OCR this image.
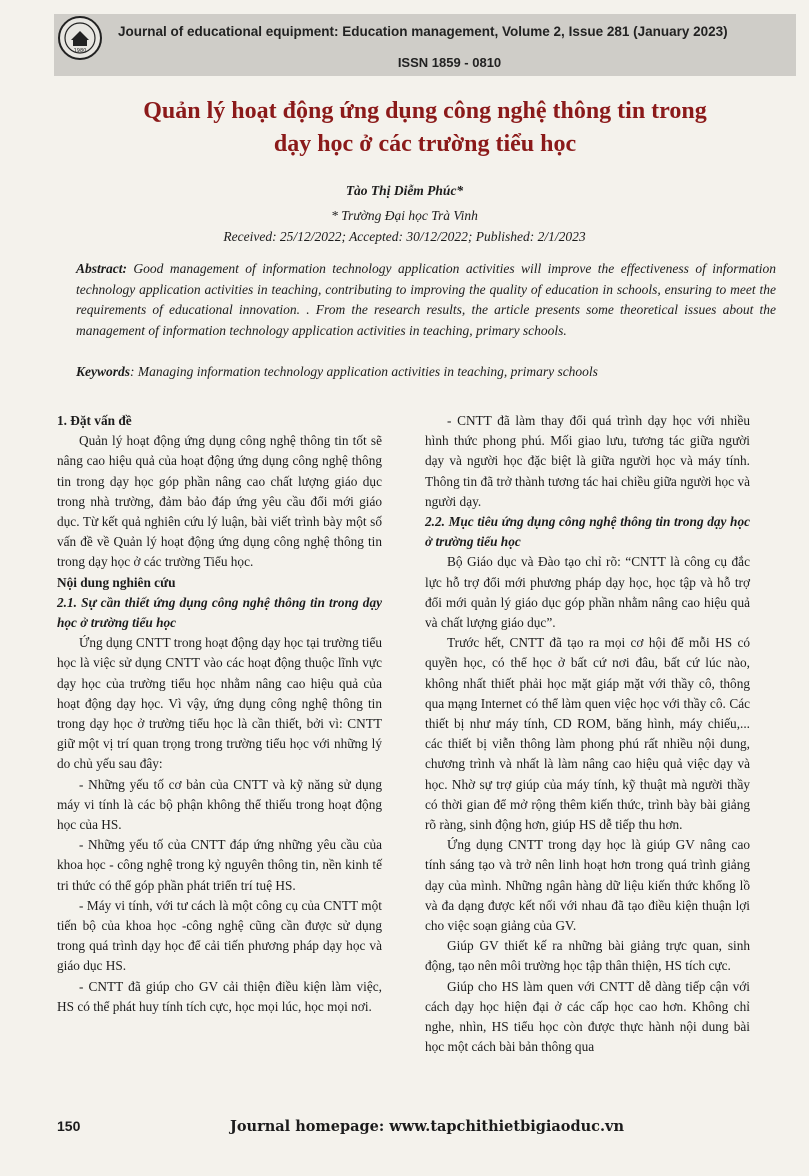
1980
Journal of educational equipment: Education management, Volume 2, Issue 281 (January 2023)
ISSN 1859 - 0810
Quản lý hoạt động ứng dụng công nghệ thông tin trong
dạy học ở các trường tiểu học
Tào Thị Diễm Phúc*
* Trường Đại học Trà Vinh
Received: 25/12/2022; Accepted: 30/12/2022; Published: 2/1/2023
Abstract: Good management of information technology application activities will improve the effectiveness of information technology application activities in teaching, contributing to improving the quality of education in schools, ensuring to meet the requirements of educational innovation. . From the research results, the article presents some theoretical issues about the management of information technology application activities in teaching, primary schools.
Keywords: Managing information technology application activities in teaching, primary schools

1. Đặt vấn đề

Quản lý hoạt động ứng dụng công nghệ thông tin tốt sẽ nâng cao hiệu quả của hoạt động ứng dụng công nghệ thông tin trong dạy học góp phần nâng cao chất lượng giáo dục trong nhà trường, đảm bảo đáp ứng yêu cầu đổi mới giáo dục. Từ kết quả nghiên cứu lý luận, bài viết trình bày một số vấn đề về Quản lý hoạt động ứng dụng công nghệ thông tin trong dạy học ở các trường Tiểu học.

Nội dung nghiên cứu

2.1. Sự cần thiết ứng dụng công nghệ thông tin trong dạy học ở trường tiểu học

Ứng dụng CNTT trong hoạt động dạy học tại trường tiểu học là việc sử dụng CNTT vào các hoạt động thuộc lĩnh vực dạy học của trường tiểu học nhằm nâng cao hiệu quả của hoạt động dạy học. Vì vậy, ứng dụng công nghệ thông tin trong dạy học ở trường tiểu học là cần thiết, bởi vì: CNTT giữ một vị trí quan trọng trong trường tiểu học với những lý do chủ yếu sau đây:

- Những yếu tố cơ bản của CNTT và kỹ năng sử dụng máy vi tính là các bộ phận không thể thiếu trong hoạt động học của HS.

- Những yếu tố của CNTT đáp ứng những yêu cầu của khoa học - công nghệ trong kỷ nguyên thông tin, nền kinh tế tri thức có thể góp phần phát triển trí tuệ HS.

- Máy vi tính, với tư cách là một công cụ của CNTT một tiến bộ của khoa học -công nghệ cũng cần được sử dụng trong quá trình dạy học để cải tiến phương pháp dạy học và giáo dục HS.

- CNTT đã giúp cho GV cải thiện điều kiện làm việc, HS có thể phát huy tính tích cực, học mọi lúc, học mọi nơi.

- CNTT đã làm thay đổi quá trình dạy học với nhiều hình thức phong phú. Mối giao lưu, tương tác giữa người dạy và người học đặc biệt là giữa người học và máy tính. Thông tin đã trở thành tương tác hai chiều giữa người học và người dạy.

2.2. Mục tiêu ứng dụng công nghệ thông tin trong dạy học ở trường tiểu học

Bộ Giáo dục và Đào tạo chỉ rõ: “CNTT là công cụ đắc lực hỗ trợ đổi mới phương pháp dạy học, học tập và hỗ trợ đổi mới quản lý giáo dục góp phần nhằm nâng cao hiệu quả và chất lượng giáo dục”.

Trước hết, CNTT đã tạo ra mọi cơ hội để mỗi HS có quyền học, có thể học ở bất cứ nơi đâu, bất cứ lúc nào, không nhất thiết phải học mặt giáp mặt với thầy cô, thông qua mạng Internet có thể làm quen việc học với thầy cô. Các thiết bị như máy tính, CD ROM, băng hình, máy chiếu,... các thiết bị viễn thông làm phong phú rất nhiều nội dung, chương trình và nhất là làm nâng cao hiệu quả việc dạy và học. Nhờ sự trợ giúp của máy tính, kỹ thuật mà người thầy có thời gian để mở rộng thêm kiến thức, trình bày bài giảng rõ ràng, sinh động hơn, giúp HS dễ tiếp thu hơn.

Ứng dụng CNTT trong dạy học là giúp GV nâng cao tính sáng tạo và trở nên linh hoạt hơn trong quá trình giảng dạy của mình. Những ngân hàng dữ liệu kiến thức khổng lồ và đa dạng được kết nối với nhau đã tạo điều kiện thuận lợi cho việc soạn giảng của GV.

Giúp GV thiết kế ra những bài giảng trực quan, sinh động, tạo nên môi trường học tập thân thiện, HS tích cực.

Giúp cho HS làm quen với CNTT dễ dàng tiếp cận với cách dạy học hiện đại ở các cấp học cao hơn. Không chỉ nghe, nhìn, HS tiểu học còn được thực hành nội dung bài học một cách bài bản thông qua

150	Journal homepage: www.tapchithietbigiaoduc.vn
